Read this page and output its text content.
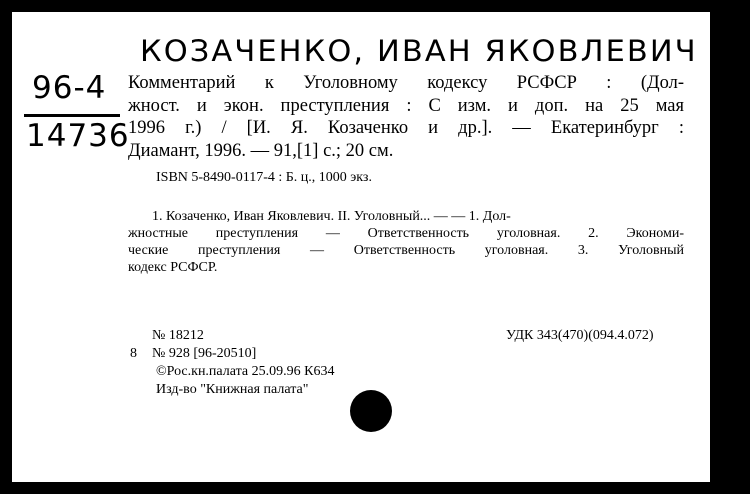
КОЗАЧЕНКО, ИВАН ЯКОВЛЕВИЧ
96-4
14736
Комментарий к Уголовному кодексу РСФСР : (Дол-
жност. и экон. преступления : С изм. и доп. на 25 мая
1996 г.) / [И. Я. Козаченко и др.]. — Екатеринбург :
Диамант, 1996. — 91,[1] с.; 20 см.
ISBN 5-8490-0117-4 : Б. ц., 1000 экз.
1. Козаченко, Иван Яковлевич. II. Уголовный... — — 1. Дол-
жностные преступления — Ответственность уголовная. 2. Экономи-
ческие преступления — Ответственность уголовная. 3. Уголовный
кодекс РСФСР.
№ 18212	УДК 343(470)(094.4.072)
8 № 928 [96-20510]
©Рос.кн.палата 25.09.96 К634
Изд-во "Книжная палата"
